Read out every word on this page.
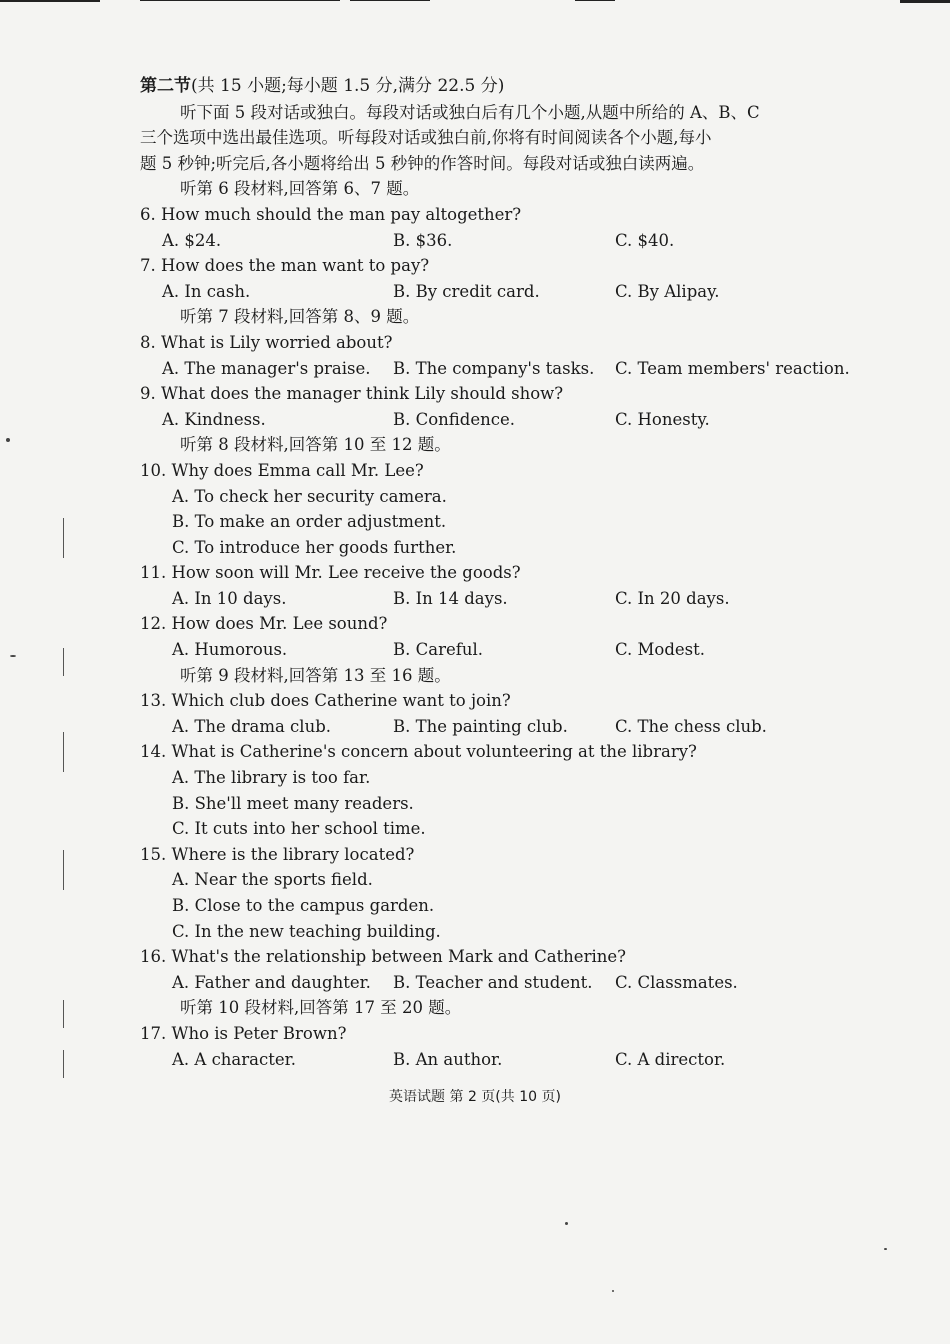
第二节(共 15 小题;每小题 1.5 分,满分 22.5 分)
听下面 5 段对话或独白。每段对话或独白后有几个小题,从题中所给的 A、B、C
三个选项中选出最佳选项。听每段对话或独白前,你将有时间阅读各个小题,每小
题 5 秒钟;听完后,各小题将给出 5 秒钟的作答时间。每段对话或独白读两遍。
听第 6 段材料,回答第 6、7 题。
6. How much should the man pay altogether?
A. $24.	B. $36.	C. $40.
7. How does the man want to pay?
A. In cash.	B. By credit card.	C. By Alipay.
听第 7 段材料,回答第 8、9 题。
8. What is Lily worried about?
A. The manager's praise. B. The company's tasks. C. Team members' reaction.
9. What does the manager think Lily should show?
A. Kindness.	B. Confidence.	C. Honesty.
听第 8 段材料,回答第 10 至 12 题。
10. Why does Emma call Mr. Lee?
A. To check her security camera.
B. To make an order adjustment.
C. To introduce her goods further.
11. How soon will Mr. Lee receive the goods?
A. In 10 days.	B. In 14 days.	C. In 20 days.
12. How does Mr. Lee sound?
A. Humorous.	B. Careful.	C. Modest.
听第 9 段材料,回答第 13 至 16 题。
13. Which club does Catherine want to join?
A. The drama club.	B. The painting club.	C. The chess club.
14. What is Catherine's concern about volunteering at the library?
A. The library is too far.
B. She'll meet many readers.
C. It cuts into her school time.
15. Where is the library located?
A. Near the sports field.
B. Close to the campus garden.
C. In the new teaching building.
16. What's the relationship between Mark and Catherine?
A. Father and daughter. B. Teacher and student. C. Classmates.
听第 10 段材料,回答第 17 至 20 题。
17. Who is Peter Brown?
A. A character.	B. An author.	C. A director.
英语试题 第 2 页(共 10 页)
